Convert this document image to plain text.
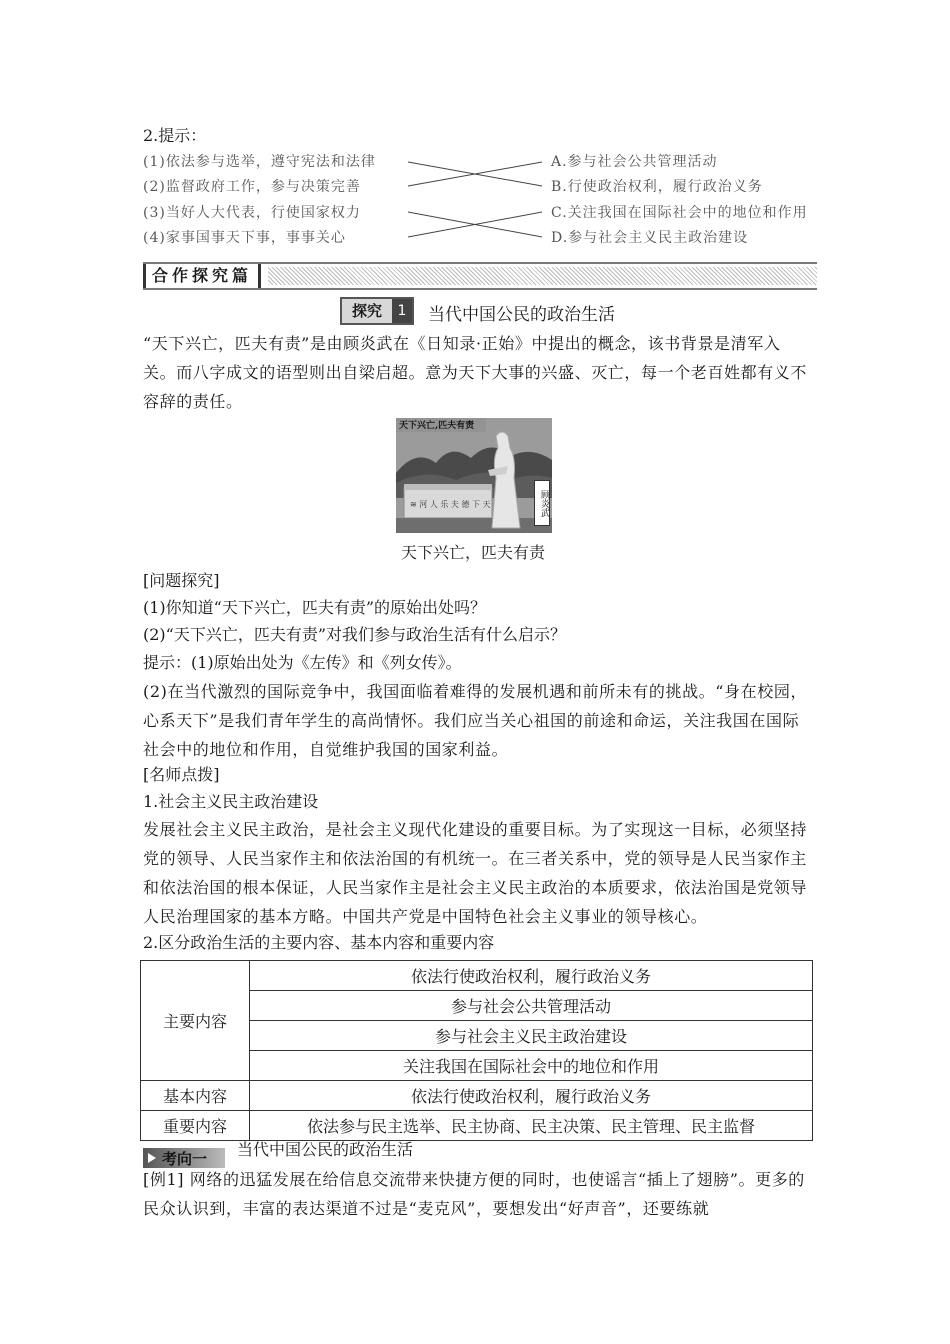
2.提示：
(1)依法参与选举，遵守宪法和法律
(2)监督政府工作，参与决策完善
(3)当好人大代表，行使国家权力
(4)家事国事天下事，事事关心
A.参与社会公共管理活动
B.行使政治权利，履行政治义务
C.关注我国在国际社会中的地位和作用
D.参与社会主义民主政治建设
合作探究篇
探究	1	当代中国公民的政治生活
“天下兴亡，匹夫有责”是由顾炎武在《日知录·正始》中提出的概念，该书背景是清军入关。而八字成文的语型则出自梁启超。意为天下大事的兴盛、灭亡，每一个老百姓都有义不容辞的责任。
≋ 河 人 乐 夫 德 下 天
天下兴亡,匹夫有责
顾炎武
天下兴亡，匹夫有责
[问题探究]
(1)你知道“天下兴亡，匹夫有责”的原始出处吗？
(2)“天下兴亡，匹夫有责”对我们参与政治生活有什么启示？
提示：(1)原始出处为《左传》和《列女传》。
(2)在当代激烈的国际竞争中，我国面临着难得的发展机遇和前所未有的挑战。“身在校园，心系天下”是我们青年学生的高尚情怀。我们应当关心祖国的前途和命运，关注我国在国际社会中的地位和作用，自觉维护我国的国家利益。
[名师点拨]
1.社会主义民主政治建设
发展社会主义民主政治，是社会主义现代化建设的重要目标。为了实现这一目标，必须坚持党的领导、人民当家作主和依法治国的有机统一。在三者关系中，党的领导是人民当家作主和依法治国的根本保证，人民当家作主是社会主义民主政治的本质要求，依法治国是党领导人民治理国家的基本方略。中国共产党是中国特色社会主义事业的领导核心。
2.区分政治生活的主要内容、基本内容和重要内容
主要内容	依法行使政治权利，履行政治义务
	参与社会公共管理活动
	参与社会主义民主政治建设
	关注我国在国际社会中的地位和作用
基本内容	依法行使政治权利，履行政治义务
重要内容	依法参与民主选举、民主协商、民主决策、民主管理、民主监督
考向一 当代中国公民的政治生活
[例1] 网络的迅猛发展在给信息交流带来快捷方便的同时，也使谣言“插上了翅膀”。更多的民众认识到，丰富的表达渠道不过是“麦克风”，要想发出“好声音”，还要练就
